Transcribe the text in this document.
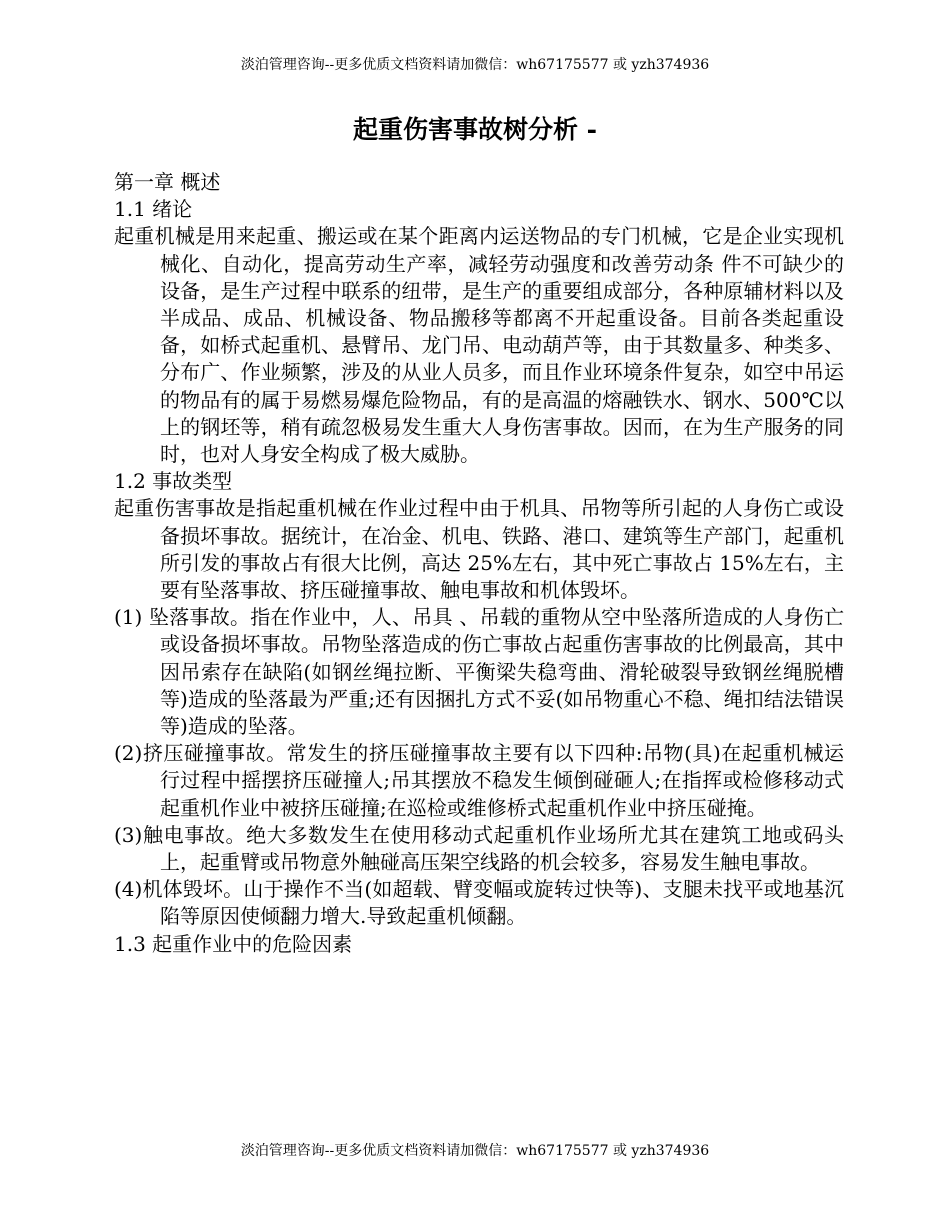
淡泊管理咨询--更多优质文档资料请加微信：wh67175577 或 yzh374936
起重伤害事故树分析 -

第一章 概述

1.1 绪论

起重机械是用来起重、搬运或在某个距离内运送物品的专门机械，它是企业实现机械化、自动化，提高劳动生产率，减轻劳动强度和改善劳动条 件不可缺少的设备，是生产过程中联系的纽带，是生产的重要组成部分，各种原辅材料以及半成品、成品、机械设备、物品搬移等都离不开起重设备。目前各类起重设备，如桥式起重机、悬臂吊、龙门吊、电动葫芦等，由于其数量多、种类多、分布广、作业频繁，涉及的从业人员多，而且作业环境条件复杂，如空中吊运的物品有的属于易燃易爆危险物品，有的是高温的熔融铁水、钢水、500℃以上的钢坯等，稍有疏忽极易发生重大人身伤害事故。因而，在为生产服务的同时，也对人身安全构成了极大威胁。

1.2 事故类型

起重伤害事故是指起重机械在作业过程中由于机具、吊物等所引起的人身伤亡或设备损坏事故。据统计，在冶金、机电、铁路、港口、建筑等生产部门，起重机所引发的事故占有很大比例，高达 25%左右，其中死亡事故占 15%左右，主要有坠落事故、挤压碰撞事故、触电事故和机体毁坏。

(1) 坠落事故。指在作业中，人、吊具 、吊载的重物从空中坠落所造成的人身伤亡或设备损坏事故。吊物坠落造成的伤亡事故占起重伤害事故的比例最高，其中因吊索存在缺陷(如钢丝绳拉断、平衡梁失稳弯曲、滑轮破裂导致钢丝绳脱槽等)造成的坠落最为严重;还有因捆扎方式不妥(如吊物重心不稳、绳扣结法错误等)造成的坠落。

(2)挤压碰撞事故。常发生的挤压碰撞事故主要有以下四种:吊物(具)在起重机械运行过程中摇摆挤压碰撞人;吊其摆放不稳发生倾倒碰砸人;在指挥或检修移动式起重机作业中被挤压碰撞;在巡检或维修桥式起重机作业中挤压碰掩。

(3)触电事故。绝大多数发生在使用移动式起重机作业场所尤其在建筑工地或码头上，起重臂或吊物意外触碰高压架空线路的机会较多，容易发生触电事故。

(4)机体毁坏。山于操作不当(如超载、臂变幅或旋转过快等)、支腿未找平或地基沉陷等原因使倾翻力增大.导致起重机倾翻。

1.3 起重作业中的危险因素

淡泊管理咨询--更多优质文档资料请加微信：wh67175577 或 yzh374936
